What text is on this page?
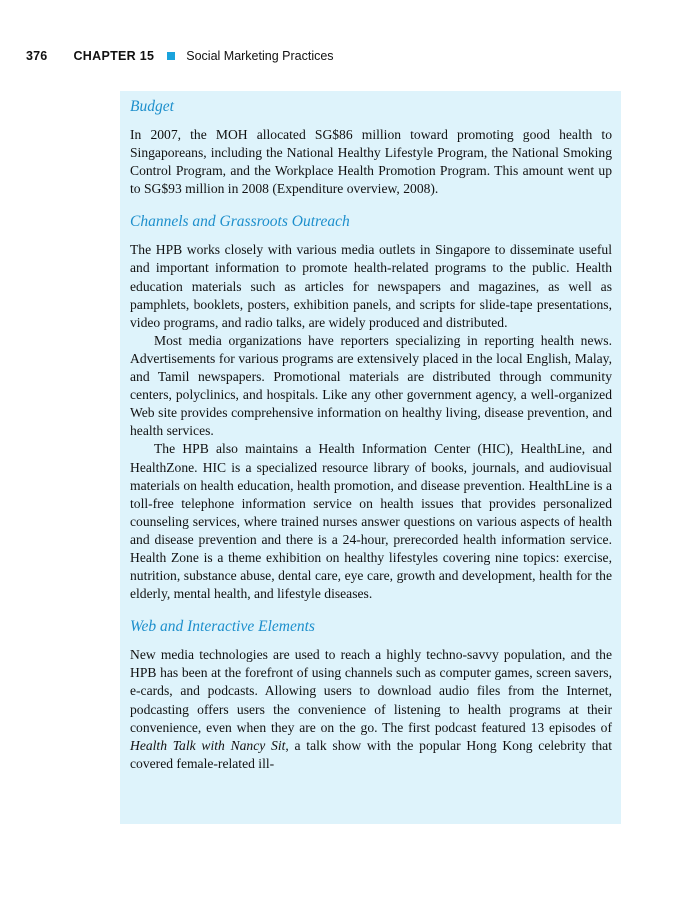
376 CHAPTER 15	Social Marketing Practices
Budget

In 2007, the MOH allocated SG$86 million toward promoting good health to Singaporeans, including the National Healthy Lifestyle Program, the National Smoking Control Program, and the Workplace Health Promotion Program. This amount went up to SG$93 million in 2008 (Expenditure overview, 2008).

Channels and Grassroots Outreach

The HPB works closely with various media outlets in Singapore to disseminate useful and important information to promote health-related programs to the public. Health education materials such as articles for newspapers and magazines, as well as pamphlets, booklets, posters, exhibition panels, and scripts for slide-tape presentations, video programs, and radio talks, are widely produced and distributed.

Most media organizations have reporters specializing in reporting health news. Advertisements for various programs are extensively placed in the local English, Malay, and Tamil newspapers. Promotional materials are distributed through community centers, polyclinics, and hospitals. Like any other government agency, a well-organized Web site provides comprehensive information on healthy living, disease prevention, and health services.

The HPB also maintains a Health Information Center (HIC), HealthLine, and HealthZone. HIC is a specialized resource library of books, journals, and audiovisual materials on health education, health promotion, and disease prevention. HealthLine is a toll-free telephone information service on health issues that provides personalized counseling services, where trained nurses answer questions on various aspects of health and disease prevention and there is a 24-hour, prerecorded health information service. Health Zone is a theme exhibition on healthy lifestyles covering nine topics: exercise, nutrition, substance abuse, dental care, eye care, growth and development, health for the elderly, mental health, and lifestyle diseases.

Web and Interactive Elements

New media technologies are used to reach a highly techno-savvy population, and the HPB has been at the forefront of using channels such as computer games, screen savers, e-cards, and podcasts. Allowing users to download audio files from the Internet, podcasting offers users the convenience of listening to health programs at their convenience, even when they are on the go. The first podcast featured 13 episodes of Health Talk with Nancy Sit, a talk show with the popular Hong Kong celebrity that covered female-related ill-
